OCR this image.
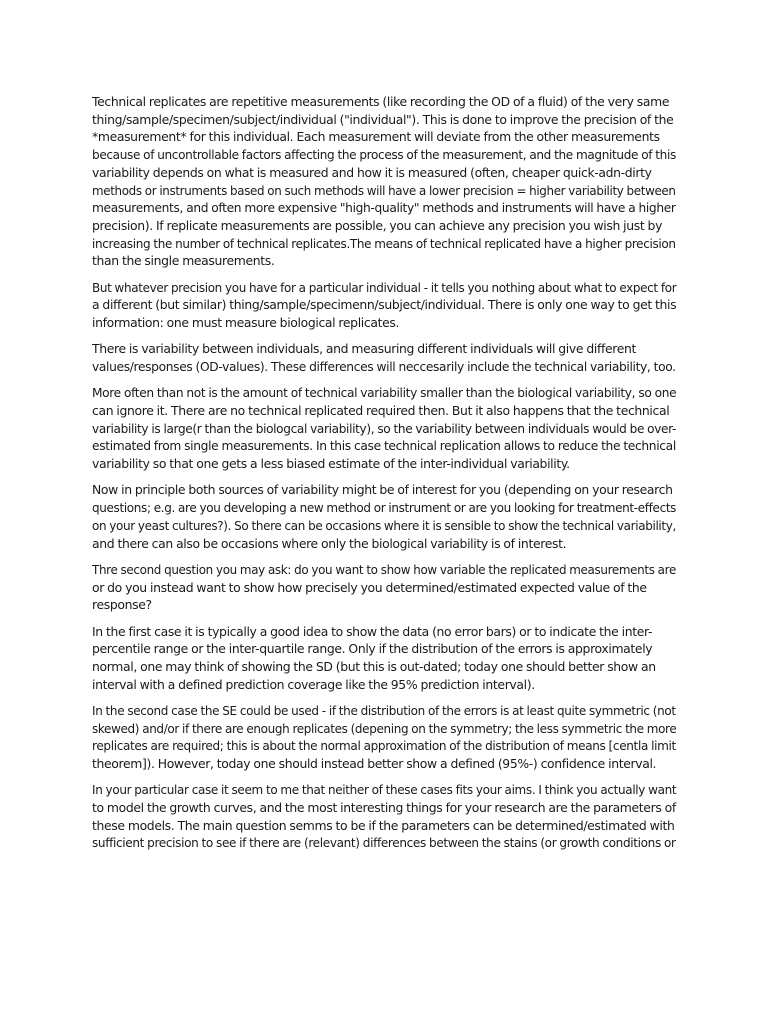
Technical replicates are repetitive measurements (like recording the OD of a fluid) of the very same
thing/sample/specimen/subject/individual ("individual"). This is done to improve the precision of the
*measurement* for this individual. Each measurement will deviate from the other measurements
because of uncontrollable factors affecting the process of the measurement, and the magnitude of this
variability depends on what is measured and how it is measured (often, cheaper quick-adn-dirty
methods or instruments based on such methods will have a lower precision = higher variability between
measurements, and often more expensive "high-quality" methods and instruments will have a higher
precision). If replicate measurements are possible, you can achieve any precision you wish just by
increasing the number of technical replicates.The means of technical replicated have a higher precision
than the single measurements.

But whatever precision you have for a particular individual - it tells you nothing about what to expect for
a different (but similar) thing/sample/specimenn/subject/individual. There is only one way to get this
information: one must measure biological replicates.

There is variability between individuals, and measuring different individuals will give different
values/responses (OD-values). These differences will neccesarily include the technical variability, too.

More often than not is the amount of technical variability smaller than the biological variability, so one
can ignore it. There are no technical replicated required then. But it also happens that the technical
variability is large(r than the biologcal variability), so the variability between individuals would be over-
estimated from single measurements. In this case technical replication allows to reduce the technical
variability so that one gets a less biased estimate of the inter-individual variability.

Now in principle both sources of variability might be of interest for you (depending on your research
questions; e.g. are you developing a new method or instrument or are you looking for treatment-effects
on your yeast cultures?). So there can be occasions where it is sensible to show the technical variability,
and there can also be occasions where only the biological variability is of interest.

Thre second question you may ask: do you want to show how variable the replicated measurements are
or do you instead want to show how precisely you determined/estimated expected value of the
response?

In the first case it is typically a good idea to show the data (no error bars) or to indicate the inter-
percentile range or the inter-quartile range. Only if the distribution of the errors is approximately
normal, one may think of showing the SD (but this is out-dated; today one should better show an
interval with a defined prediction coverage like the 95% prediction interval).

In the second case the SE could be used - if the distribution of the errors is at least quite symmetric (not
skewed) and/or if there are enough replicates (depening on the symmetry; the less symmetric the more
replicates are required; this is about the normal approximation of the distribution of means [centla limit
theorem]). However, today one should instead better show a defined (95%-) confidence interval.

In your particular case it seem to me that neither of these cases fits your aims. I think you actually want
to model the growth curves, and the most interesting things for your research are the parameters of
these models. The main question semms to be if the parameters can be determined/estimated with
sufficient precision to see if there are (relevant) differences between the stains (or growth conditions or
